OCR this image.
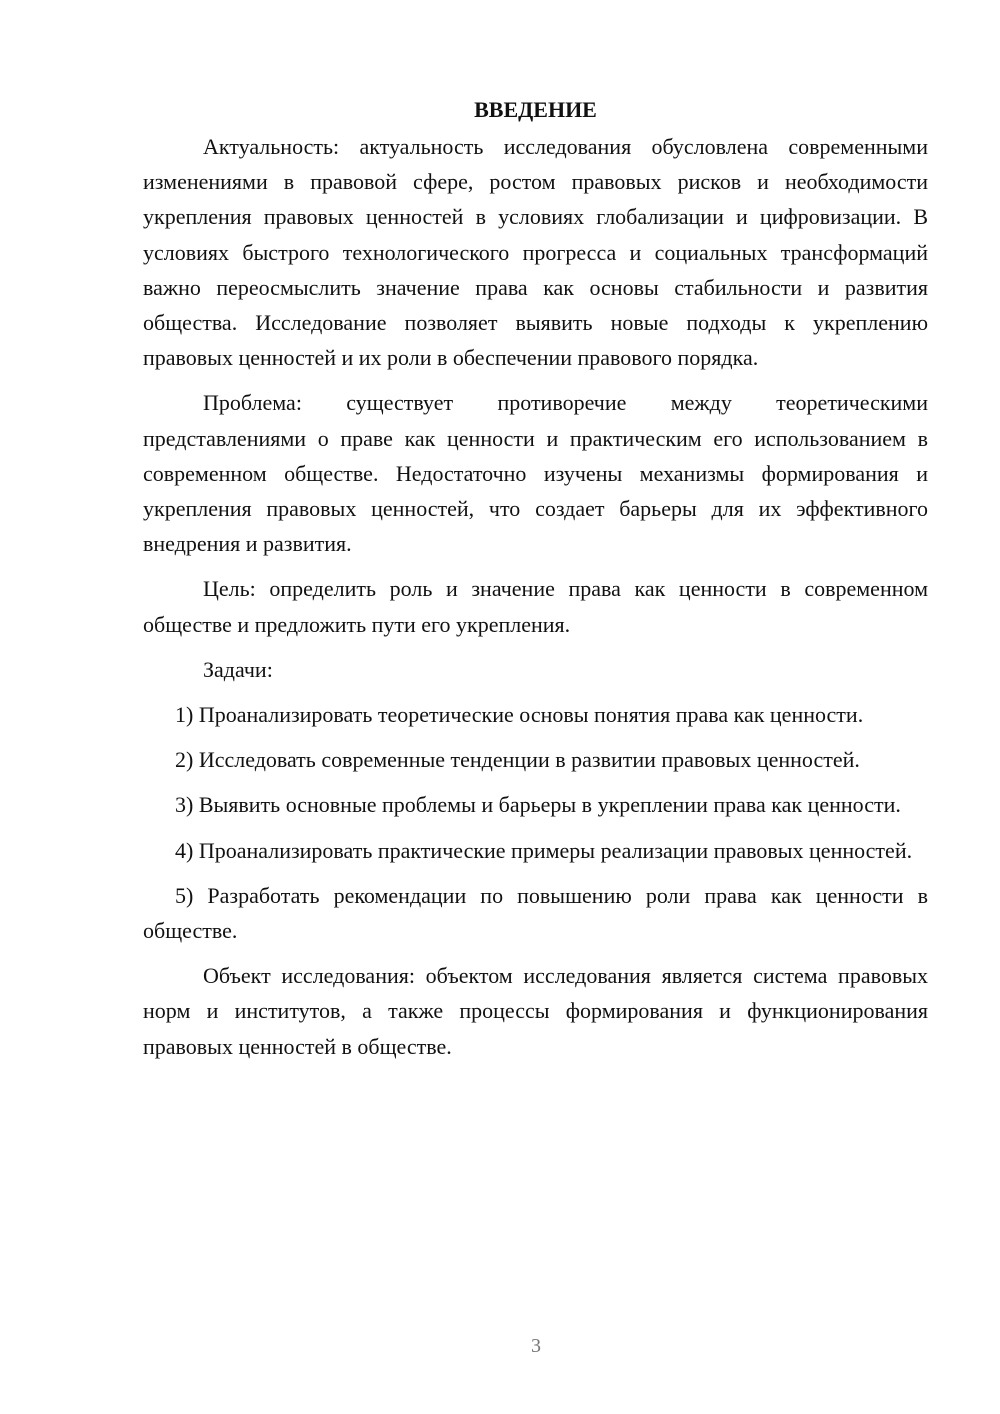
ВВЕДЕНИЕ

Актуальность: актуальность исследования обусловлена современными изменениями в правовой сфере, ростом правовых рисков и необходимости укрепления правовых ценностей в условиях глобализации и цифровизации. В условиях быстрого технологического прогресса и социальных трансформаций важно переосмыслить значение права как основы стабильности и развития общества. Исследование позволяет выявить новые подходы к укреплению правовых ценностей и их роли в обеспечении правового порядка.

Проблема: существует противоречие между теоретическими представлениями о праве как ценности и практическим его использованием в современном обществе. Недостаточно изучены механизмы формирования и укрепления правовых ценностей, что создает барьеры для их эффективного внедрения и развития.

Цель: определить роль и значение права как ценности в современном обществе и предложить пути его укрепления.

Задачи:

1) Проанализировать теоретические основы понятия права как ценности.

2) Исследовать современные тенденции в развитии правовых ценностей.

3) Выявить основные проблемы и барьеры в укреплении права как ценности.

4) Проанализировать практические примеры реализации правовых ценностей.

5) Разработать рекомендации по повышению роли права как ценности в обществе.

Объект исследования: объектом исследования является система правовых норм и институтов, а также процессы формирования и функционирования правовых ценностей в обществе.

3
